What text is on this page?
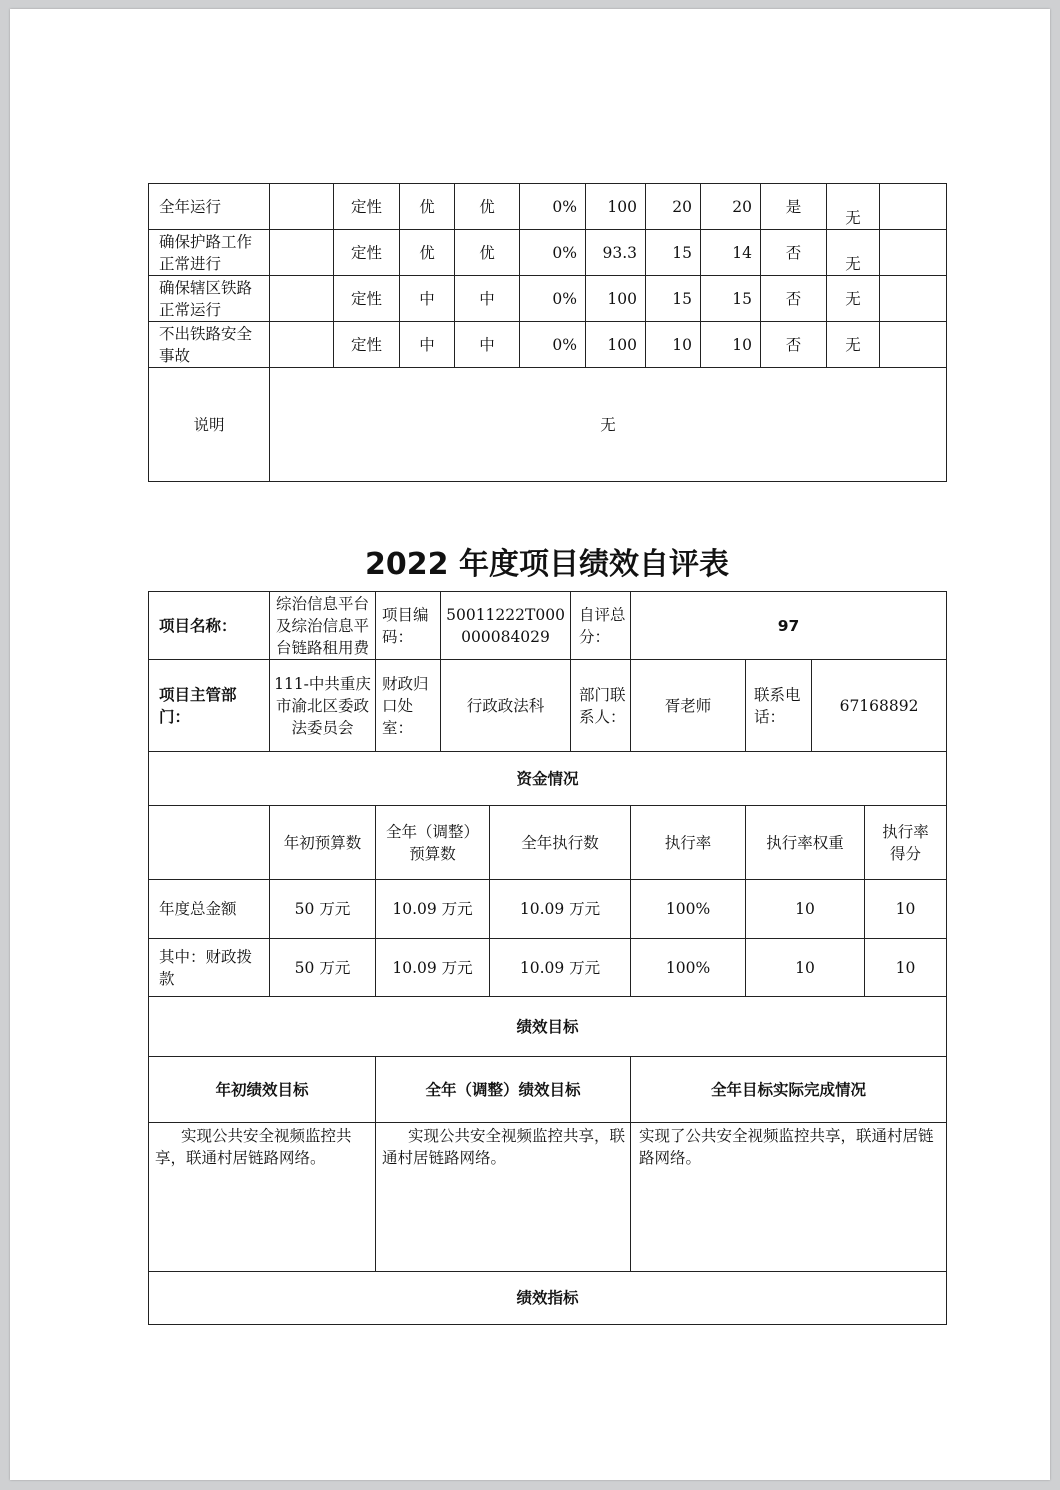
全年运行		定性	优	优	0%	100	20	20	是	无	
确保护路工作正常进行		定性	优	优	0%	93.3	15	14	否	无	
确保辖区铁路正常运行		定性	中	中	0%	100	15	15	否	无	
不出铁路安全事故		定性	中	中	0%	100	10	10	否	无	
说明	无										
2022 年度项目绩效自评表
项目名称：	综治信息平台及综治信息平台链路租用费	项目编码：	50011222T000000084029		自评总分：	97			
项目主管部门：	111-中共重庆市渝北区委政法委员会	财政归口处室：	行政政法科		部门联系人：	胥老师	联系电话：	67168892	
资金情况									
	年初预算数	全年（调整）预算数		全年执行数		执行率	执行率权重		执行率得分
年度总金额	50 万元	10.09 万元		10.09 万元		100%	10		10
其中：财政拨款	50 万元	10.09 万元		10.09 万元		100%	10		10
绩效目标									
年初绩效目标		全年（调整）绩效目标				全年目标实际完成情况			
实现公共安全视频监控共享，联通村居链路网络。		实现公共安全视频监控共享，联通村居链路网络。				实现了公共安全视频监控共享，联通村居链路网络。			
绩效指标									
